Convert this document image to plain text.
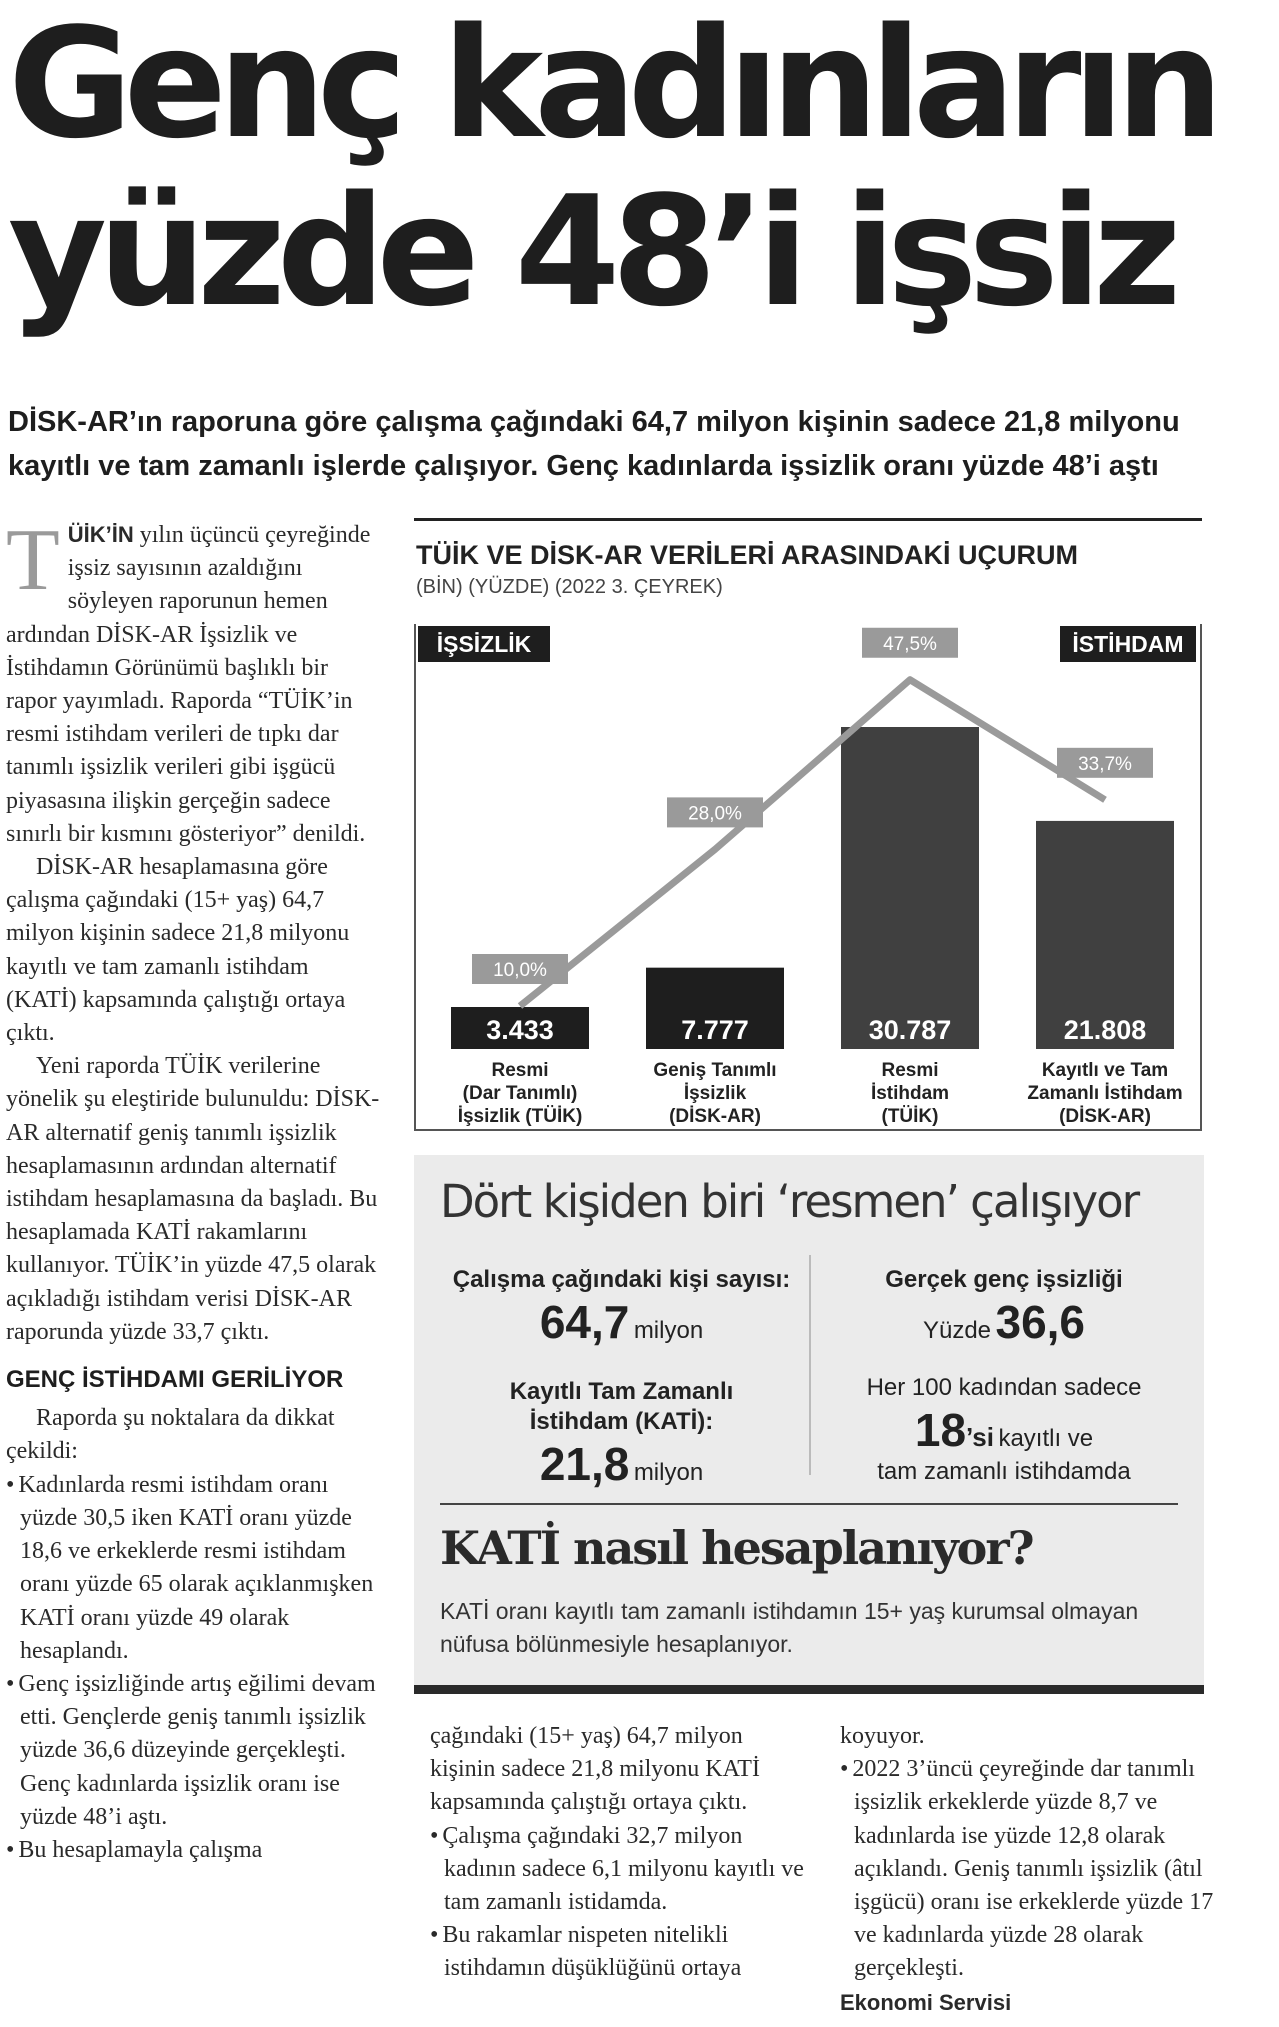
Genç kadınların
yüzde 48’i işsiz

DİSK-AR’ın raporuna göre çalışma çağındaki 64,7 milyon kişinin sadece 21,8 milyonu kayıtlı ve tam zamanlı işlerde çalışıyor. Genç kadınlarda işsizlik oranı yüzde 48’i aştı

TÜİK’İN yılın üçüncü çeyreğinde işsiz sayısının azaldığını söyleyen raporunun hemen ardından DİSK-AR İşsizlik ve İstihdamın Görünümü başlıklı bir rapor yayımladı. Raporda “TÜİK’in resmi istihdam verileri de tıpkı dar tanımlı işsizlik verileri gibi işgücü piyasasına ilişkin gerçeğin sadece sınırlı bir kısmını gösteriyor” denildi.

DİSK-AR hesaplamasına göre çalışma çağındaki (15+ yaş) 64,7 milyon kişinin sadece 21,8 milyonu kayıtlı ve tam zamanlı istihdam (KATİ) kapsamında çalıştığı ortaya çıktı.

Yeni raporda TÜİK verilerine yönelik şu eleştiride bulunuldu: DİSK-AR alternatif geniş tanımlı işsizlik hesaplamasının ardından alternatif istihdam hesaplamasına da başladı. Bu hesaplamada KATİ rakamlarını kullanıyor. TÜİK’in yüzde 47,5 olarak açıkladığı istihdam verisi DİSK-AR raporunda yüzde 33,7 çıktı.

GENÇ İSTİHDAMI GERİLİYOR

Raporda şu noktalara da dikkat çekildi:

• Kadınlarda resmi istihdam oranı yüzde 30,5 iken KATİ oranı yüzde 18,6 ve erkeklerde resmi istihdam oranı yüzde 65 olarak açıklanmışken KATİ oranı yüzde 49 olarak hesaplandı.

• Genç işsizliğinde artış eğilimi devam etti. Gençlerde geniş tanımlı işsizlik yüzde 36,6 düzeyinde gerçekleşti. Genç kadınlarda işsizlik oranı ise yüzde 48’i aştı.

• Bu hesaplamayla çalışma

çağındaki (15+ yaş) 64,7 milyon kişinin sadece 21,8 milyonu KATİ kapsamında çalıştığı ortaya çıktı.

• Çalışma çağındaki 32,7 milyon kadının sadece 6,1 milyonu kayıtlı ve tam zamanlı istidamda.

• Bu rakamlar nispeten nitelikli istihdamın düşüklüğünü ortaya

koyuyor.

• 2022 3’üncü çeyreğinde dar tanımlı işsizlik erkeklerde yüzde 8,7 ve kadınlarda ise yüzde 12,8 olarak açıklandı. Geniş tanımlı işsizlik (âtıl işgücü) oranı ise erkeklerde yüzde 17 ve kadınlarda yüzde 28 olarak gerçekleşti.

Ekonomi Servisi

TÜİK VE DİSK-AR VERİLERİ ARASINDAKİ UÇURUM
(BİN) (YÜZDE) (2022 3. ÇEYREK)
İŞSİZLİK	İSTİHDAM
3.433
Resmi
(Dar Tanımlı)
İşsizlik (TÜİK)
7.777
Geniş Tanımlı
İşsizlik
(DİSK-AR)
30.787
Resmi
İstihdam
(TÜİK)
21.808
Kayıtlı ve Tam
Zamanlı İstihdam
(DİSK-AR)
10,0%
28,0%
47,5%
33,7%
Dört kişiden biri ‘resmen’ çalışıyor
Çalışma çağındaki kişi sayısı:
64,7 milyon
Kayıtlı Tam Zamanlı
İstihdam (KATİ):
21,8 milyon
Gerçek genç işsizliği
Yüzde 36,6
Her 100 kadından sadece
18’si kayıtlı ve
tam zamanlı istihdamda
KATİ nasıl hesaplanıyor?

KATİ oranı kayıtlı tam zamanlı istihdamın 15+ yaş kurumsal olmayan nüfusa bölünmesiyle hesaplanıyor.
